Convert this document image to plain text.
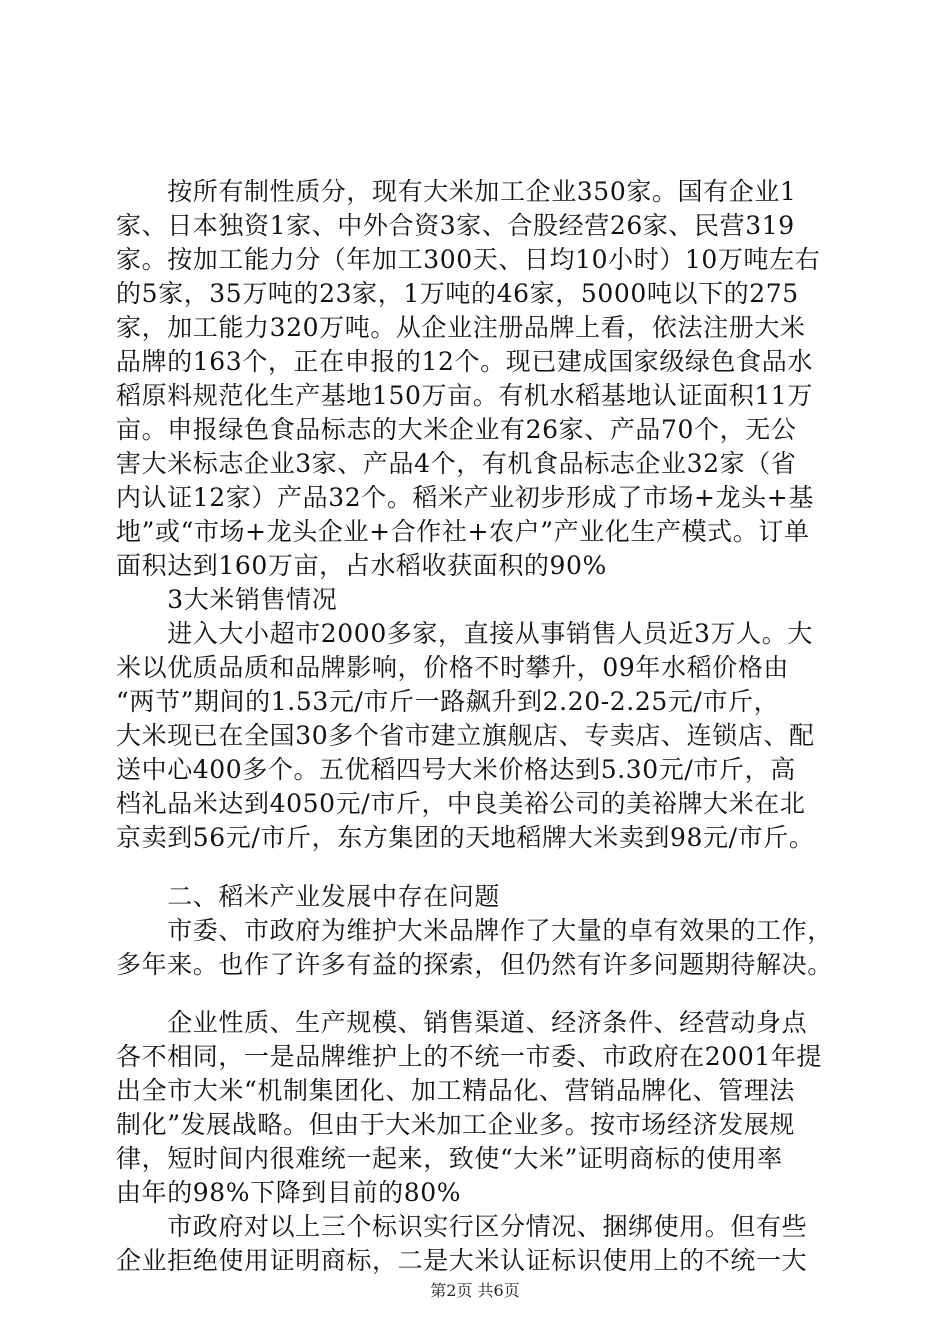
　　按所有制性质分，现有大米加工企业350家。国有企业1
家、日本独资1家、中外合资3家、合股经营26家、民营319
家。按加工能力分（年加工300天、日均10小时）10万吨左右
的5家，35万吨的23家，1万吨的46家，5000吨以下的275
家，加工能力320万吨。从企业注册品牌上看，依法注册大米
品牌的163个，正在申报的12个。现已建成国家级绿色食品水
稻原料规范化生产基地150万亩。有机水稻基地认证面积11万
亩。申报绿色食品标志的大米企业有26家、产品70个，无公
害大米标志企业3家、产品4个，有机食品标志企业32家（省
内认证12家）产品32个。稻米产业初步形成了市场+龙头+基
地”或“市场+龙头企业+合作社+农户”产业化生产模式。订单
面积达到160万亩，占水稻收获面积的90%
　　3大米销售情况
　　进入大小超市2000多家，直接从事销售人员近3万人。大
米以优质品质和品牌影响，价格不时攀升，09年水稻价格由
“两节”期间的1.53元/市斤一路飙升到2.20-2.25元/市斤，
大米现已在全国30多个省市建立旗舰店、专卖店、连锁店、配
送中心400多个。五优稻四号大米价格达到5.30元/市斤，高
档礼品米达到4050元/市斤，中良美裕公司的美裕牌大米在北
京卖到56元/市斤，东方集团的天地稻牌大米卖到98元/市斤。
　　二、稻米产业发展中存在问题
　　市委、市政府为维护大米品牌作了大量的卓有效果的工作，
多年来。也作了许多有益的探索，但仍然有许多问题期待解决。
　　企业性质、生产规模、销售渠道、经济条件、经营动身点
各不相同，一是品牌维护上的不统一市委、市政府在2001年提
出全市大米“机制集团化、加工精品化、营销品牌化、管理法
制化”发展战略。但由于大米加工企业多。按市场经济发展规
律，短时间内很难统一起来，致使“大米”证明商标的使用率
由年的98%下降到目前的80%
　　市政府对以上三个标识实行区分情况、捆绑使用。但有些
企业拒绝使用证明商标，二是大米认证标识使用上的不统一大
第2页 共6页
